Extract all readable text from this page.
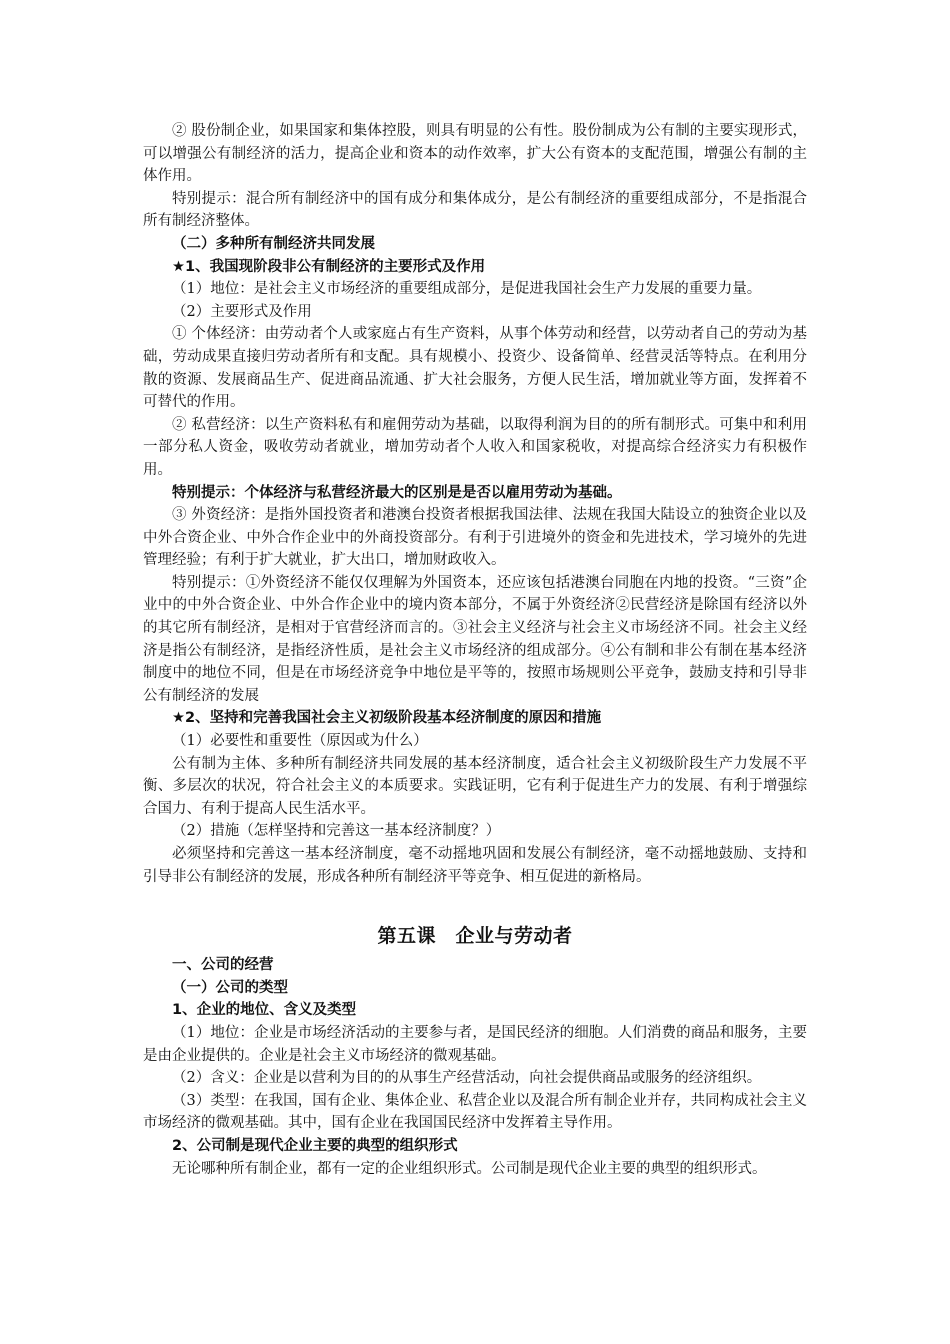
② 股份制企业，如果国家和集体控股，则具有明显的公有性。股份制成为公有制的主要实现形式，可以增强公有制经济的活力，提高企业和资本的动作效率，扩大公有资本的支配范围，增强公有制的主体作用。

特别提示：混合所有制经济中的国有成分和集体成分，是公有制经济的重要组成部分，不是指混合所有制经济整体。

（二）多种所有制经济共同发展

★1、我国现阶段非公有制经济的主要形式及作用

（1）地位：是社会主义市场经济的重要组成部分，是促进我国社会生产力发展的重要力量。

（2）主要形式及作用

① 个体经济：由劳动者个人或家庭占有生产资料，从事个体劳动和经营，以劳动者自己的劳动为基础，劳动成果直接归劳动者所有和支配。具有规模小、投资少、设备简单、经营灵活等特点。在利用分散的资源、发展商品生产、促进商品流通、扩大社会服务，方便人民生活，增加就业等方面，发挥着不可替代的作用。

② 私营经济：以生产资料私有和雇佣劳动为基础，以取得利润为目的的所有制形式。可集中和利用一部分私人资金，吸收劳动者就业，增加劳动者个人收入和国家税收，对提高综合经济实力有积极作用。

特别提示：个体经济与私营经济最大的区别是是否以雇用劳动为基础。

③ 外资经济：是指外国投资者和港澳台投资者根据我国法律、法规在我国大陆设立的独资企业以及中外合资企业、中外合作企业中的外商投资部分。有利于引进境外的资金和先进技术，学习境外的先进管理经验；有利于扩大就业，扩大出口，增加财政收入。

特别提示：①外资经济不能仅仅理解为外国资本，还应该包括港澳台同胞在内地的投资。“三资”企业中的中外合资企业、中外合作企业中的境内资本部分，不属于外资经济②民营经济是除国有经济以外的其它所有制经济，是相对于官营经济而言的。③社会主义经济与社会主义市场经济不同。社会主义经济是指公有制经济，是指经济性质，是社会主义市场经济的组成部分。④公有制和非公有制在基本经济制度中的地位不同，但是在市场经济竞争中地位是平等的，按照市场规则公平竞争，鼓励支持和引导非公有制经济的发展

★2、坚持和完善我国社会主义初级阶段基本经济制度的原因和措施

（1）必要性和重要性（原因或为什么）

公有制为主体、多种所有制经济共同发展的基本经济制度，适合社会主义初级阶段生产力发展不平衡、多层次的状况，符合社会主义的本质要求。实践证明，它有利于促进生产力的发展、有利于增强综合国力、有利于提高人民生活水平。

（2）措施（怎样坚持和完善这一基本经济制度？）

必须坚持和完善这一基本经济制度，毫不动摇地巩固和发展公有制经济，毫不动摇地鼓励、支持和引导非公有制经济的发展，形成各种所有制经济平等竞争、相互促进的新格局。

第五课　企业与劳动者

一、公司的经营

（一）公司的类型

1、企业的地位、含义及类型

（1）地位：企业是市场经济活动的主要参与者，是国民经济的细胞。人们消费的商品和服务，主要是由企业提供的。企业是社会主义市场经济的微观基础。

（2）含义：企业是以营利为目的的从事生产经营活动，向社会提供商品或服务的经济组织。

（3）类型：在我国，国有企业、集体企业、私营企业以及混合所有制企业并存，共同构成社会主义市场经济的微观基础。其中，国有企业在我国国民经济中发挥着主导作用。

2、公司制是现代企业主要的典型的组织形式

无论哪种所有制企业，都有一定的企业组织形式。公司制是现代企业主要的典型的组织形式。
